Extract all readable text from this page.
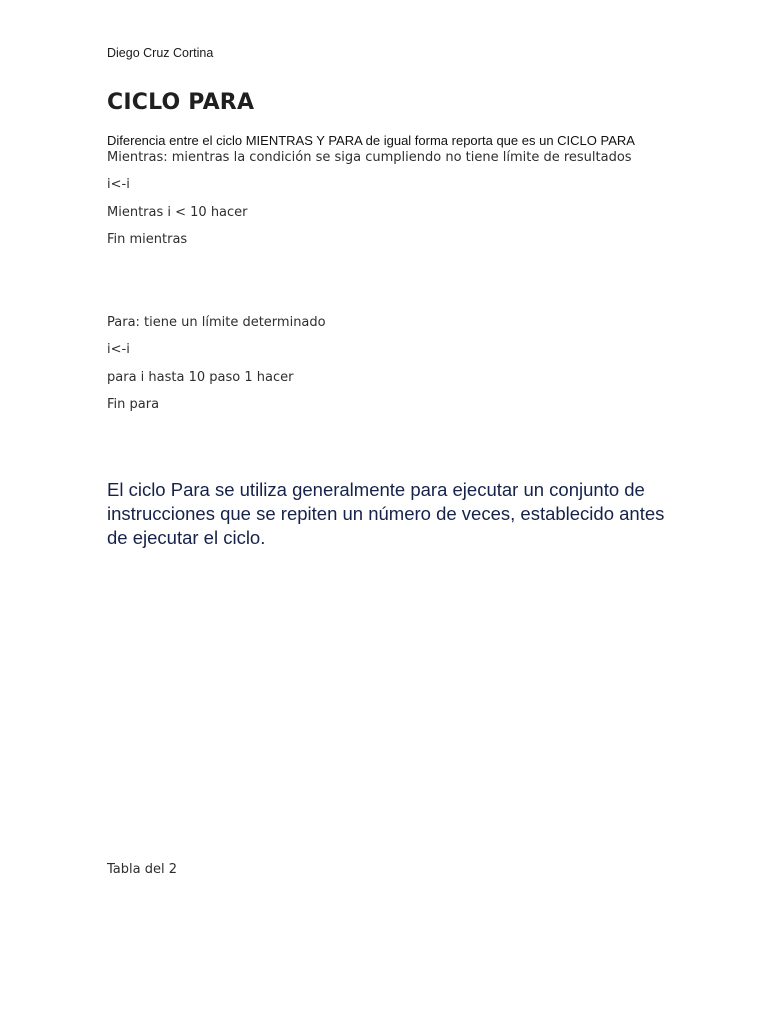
Diego Cruz Cortina

CICLO PARA

Diferencia entre el ciclo MIENTRAS Y PARA de igual forma reporta que es un CICLO PARA

Mientras: mientras la condición se siga cumpliendo no tiene límite de resultados

i<-i

Mientras i < 10 hacer

Fin mientras

Para: tiene un límite determinado

i<-i

para i hasta 10 paso 1 hacer

Fin para

El ciclo Para se utiliza generalmente para ejecutar un conjunto de instrucciones que se repiten un número de veces, establecido antes de ejecutar el ciclo.

Tabla del 2
